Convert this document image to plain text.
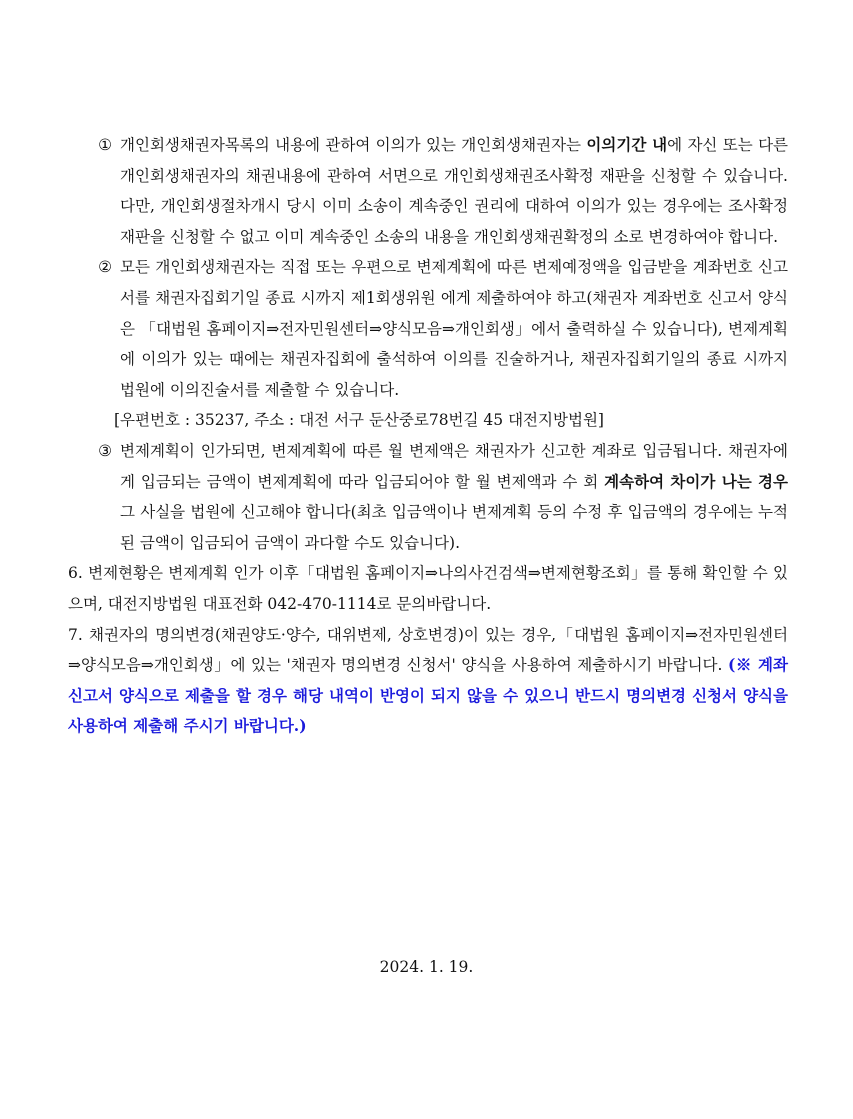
① 개인회생채권자목록의 내용에 관하여 이의가 있는 개인회생채권자는 이의기간 내에 자신 또는 다른 개인회생채권자의 채권내용에 관하여 서면으로 개인회생채권조사확정 재판을 신청할 수 있습니다. 다만, 개인회생절차개시 당시 이미 소송이 계속중인 권리에 대하여 이의가 있는 경우에는 조사확정재판을 신청할 수 없고 이미 계속중인 소송의 내용을 개인회생채권확정의 소로 변경하여야 합니다.
② 모든 개인회생채권자는 직접 또는 우편으로 변제계획에 따른 변제예정액을 입금받을 계좌번호 신고서를 채권자집회기일 종료 시까지 제1회생위원 에게 제출하여야 하고(채권자 계좌번호 신고서 양식은 「대법원 홈페이지⇒전자민원센터⇒양식모음⇒개인회생」에서 출력하실 수 있습니다), 변제계획에 이의가 있는 때에는 채권자집회에 출석하여 이의를 진술하거나, 채권자집회기일의 종료 시까지 법원에 이의진술서를 제출할 수 있습니다.
[우편번호 : 35237, 주소 : 대전 서구 둔산중로78번길 45 대전지방법원]
③ 변제계획이 인가되면, 변제계획에 따른 월 변제액은 채권자가 신고한 계좌로 입금됩니다. 채권자에게 입금되는 금액이 변제계획에 따라 입금되어야 할 월 변제액과 수 회 계속하여 차이가 나는 경우 그 사실을 법원에 신고해야 합니다(최초 입금액이나 변제계획 등의 수정 후 입금액의 경우에는 누적된 금액이 입금되어 금액이 과다할 수도 있습니다).
6. 변제현황은 변제계획 인가 이후「대법원 홈페이지⇒나의사건검색⇒변제현황조회」를 통해 확인할 수 있으며, 대전지방법원 대표전화 042-470-1114로 문의바랍니다.
7. 채권자의 명의변경(채권양도·양수, 대위변제, 상호변경)이 있는 경우,「대법원 홈페이지⇒전자민원센터⇒양식모음⇒개인회생」에 있는 '채권자 명의변경 신청서' 양식을 사용하여 제출하시기 바랍니다. (※ 계좌신고서 양식으로 제출을 할 경우 해당 내역이 반영이 되지 않을 수 있으니 반드시 명의변경 신청서 양식을 사용하여 제출해 주시기 바랍니다.)
2024. 1. 19.
